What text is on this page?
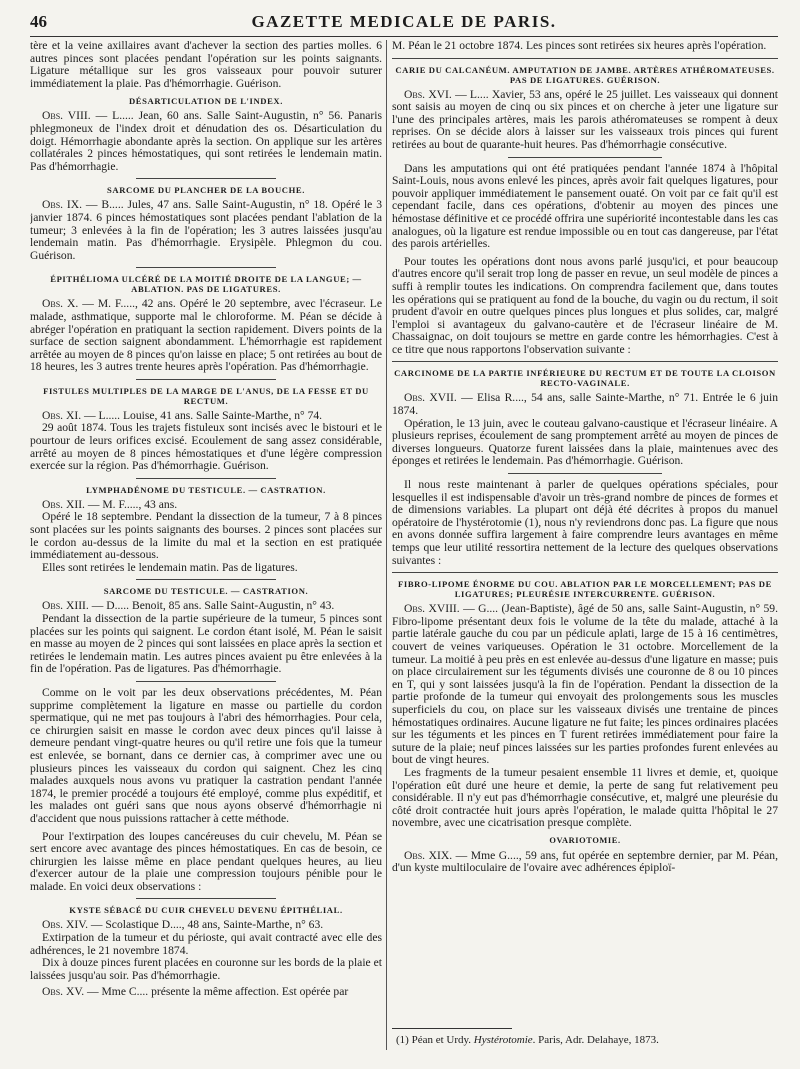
46	GAZETTE MEDICALE DE PARIS.

tère et la veine axillaires avant d'achever la section des parties molles. 6 autres pinces sont placées pendant l'opération sur les points saignants. Ligature métallique sur les gros vaisseaux pour pouvoir suturer immédiatement la plaie. Pas d'hémorrhagie. Guérison.

DÉSARTICULATION DE L'INDEX.

Obs. VIII. — L..... Jean, 60 ans. Salle Saint-Augustin, n° 56. Panaris phlegmoneux de l'index droit et dénudation des os. Désarticulation du doigt. Hémorrhagie abondante après la section. On applique sur les artères collatérales 2 pinces hémostatiques, qui sont retirées le lendemain matin. Pas d'hémorrhagie.

SARCOME DU PLANCHER DE LA BOUCHE.

Obs. IX. — B..... Jules, 47 ans. Salle Saint-Augustin, n° 18. Opéré le 3 janvier 1874. 6 pinces hémostatiques sont placées pendant l'ablation de la tumeur; 3 enlevées à la fin de l'opération; les 3 autres laissées jusqu'au lendemain matin. Pas d'hémorrhagie. Erysipèle. Phlegmon du cou. Guérison.

ÉPITHÉLIOMA ULCÉRÉ DE LA MOITIÉ DROITE DE LA LANGUE; — ABLATION. PAS DE LIGATURES.

Obs. X. — M. F....., 42 ans. Opéré le 20 septembre, avec l'écraseur. Le malade, asthmatique, supporte mal le chloroforme. M. Péan se décide à abréger l'opération en pratiquant la section rapidement. Divers points de la surface de section saignent abondamment. L'hémorrhagie est rapidement arrêtée au moyen de 8 pinces qu'on laisse en place; 5 ont retirées au bout de 18 heures, les 3 autres trente heures après l'opération. Pas d'hémorrhagie.

FISTULES MULTIPLES DE LA MARGE DE L'ANUS, DE LA FESSE ET DU RECTUM.

Obs. XI. — L..... Louise, 41 ans. Salle Sainte-Marthe, n° 74.

29 août 1874. Tous les trajets fistuleux sont incisés avec le bistouri et le pourtour de leurs orifices excisé. Ecoulement de sang assez considérable, arrêté au moyen de 8 pinces hémostatiques et d'une légère compression exercée sur la région. Pas d'hémorrhagie. Guérison.

LYMPHADÉNOME DU TESTICULE. — CASTRATION.

Obs. XII. — M. F....., 43 ans.

Opéré le 18 septembre. Pendant la dissection de la tumeur, 7 à 8 pinces sont placées sur les points saignants des bourses. 2 pinces sont placées sur le cordon au-dessus de la limite du mal et la section en est pratiquée immédiatement au-dessous.

Elles sont retirées le lendemain matin. Pas de ligatures.

SARCOME DU TESTICULE. — CASTRATION.

Obs. XIII. — D..... Benoit, 85 ans. Salle Saint-Augustin, n° 43.

Pendant la dissection de la partie supérieure de la tumeur, 5 pinces sont placées sur les points qui saignent. Le cordon étant isolé, M. Péan le saisit en masse au moyen de 2 pinces qui sont laissées en place après la section et retirées le lendemain matin. Les autres pinces avaient pu être enlevées à la fin de l'opération. Pas de ligatures. Pas d'hémorrhagie.

Comme on le voit par les deux observations précédentes, M. Péan supprime complètement la ligature en masse ou partielle du cordon spermatique, qui ne met pas toujours à l'abri des hémorrhagies. Pour cela, ce chirurgien saisit en masse le cordon avec deux pinces qu'il laisse à demeure pendant vingt-quatre heures ou qu'il retire une fois que la tumeur est enlevée, se bornant, dans ce dernier cas, à comprimer avec une ou plusieurs pinces les vaisseaux du cordon qui saignent. Chez les cinq malades auxquels nous avons vu pratiquer la castration pendant l'année 1874, le premier procédé a toujours été employé, comme plus expéditif, et les malades ont guéri sans que nous ayons observé d'hémorrhagie ni d'accident que nous puissions rattacher à cette méthode.

Pour l'extirpation des loupes cancéreuses du cuir chevelu, M. Péan se sert encore avec avantage des pinces hémostatiques. En cas de besoin, ce chirurgien les laisse même en place pendant quelques heures, au lieu d'exercer autour de la plaie une compression toujours pénible pour le malade. En voici deux observations :

KYSTE SÉBACÉ DU CUIR CHEVELU DEVENU ÉPITHÉLIAL.

Obs. XIV. — Scolastique D...., 48 ans, Sainte-Marthe, n° 63.

Extirpation de la tumeur et du périoste, qui avait contracté avec elle des adhérences, le 21 novembre 1874.

Dix à douze pinces furent placées en couronne sur les bords de la plaie et laissées jusqu'au soir. Pas d'hémorrhagie.

Obs. XV. — Mme C.... présente la même affection. Est opérée par

M. Péan le 21 octobre 1874. Les pinces sont retirées six heures après l'opération.

CARIE DU CALCANÉUM. AMPUTATION DE JAMBE. ARTÈRES ATHÉROMATEUSES. PAS DE LIGATURES. GUÉRISON.

Obs. XVI. — L.... Xavier, 53 ans, opéré le 25 juillet. Les vaisseaux qui donnent sont saisis au moyen de cinq ou six pinces et on cherche à jeter une ligature sur l'une des principales artères, mais les parois athéromateuses se rompent à deux reprises. On se décide alors à laisser sur les vaisseaux trois pinces qui furent retirées au bout de quarante-huit heures. Pas d'hémorrhagie consécutive.

Dans les amputations qui ont été pratiquées pendant l'année 1874 à l'hôpital Saint-Louis, nous avons enlevé les pinces, après avoir fait quelques ligatures, pour pouvoir appliquer immédiatement le pansement ouaté. On voit par ce fait qu'il est cependant facile, dans ces opérations, d'obtenir au moyen des pinces une hémostase définitive et ce procédé offrira une supériorité incontestable dans les cas analogues, où la ligature est rendue impossible ou en tout cas dangereuse, par l'état des parois artérielles.

Pour toutes les opérations dont nous avons parlé jusqu'ici, et pour beaucoup d'autres encore qu'il serait trop long de passer en revue, un seul modèle de pinces a suffi à remplir toutes les indications. On comprendra facilement que, dans toutes les opérations qui se pratiquent au fond de la bouche, du vagin ou du rectum, il soit prudent d'avoir en outre quelques pinces plus longues et plus solides, car, malgré l'emploi si avantageux du galvano-cautère et de l'écraseur linéaire de M. Chassaignac, on doit toujours se mettre en garde contre les hémorrhagies. C'est à ce titre que nous rapportons l'observation suivante :

CARCINOME DE LA PARTIE INFÉRIEURE DU RECTUM ET DE TOUTE LA CLOISON RECTO-VAGINALE.

Obs. XVII. — Elisa R...., 54 ans, salle Sainte-Marthe, n° 71. Entrée le 6 juin 1874.

Opération, le 13 juin, avec le couteau galvano-caustique et l'écraseur linéaire. A plusieurs reprises, écoulement de sang promptement arrêté au moyen de pinces de diverses longueurs. Quatorze furent laissées dans la plaie, maintenues avec des éponges et retirées le lendemain. Pas d'hémorrhagie. Guérison.

Il nous reste maintenant à parler de quelques opérations spéciales, pour lesquelles il est indispensable d'avoir un très-grand nombre de pinces de formes et de dimensions variables. La plupart ont déjà été décrites à propos du manuel opératoire de l'hystérotomie (1), nous n'y reviendrons donc pas. La figure que nous en avons donnée suffira largement à faire comprendre leurs avantages en même temps que leur utilité ressortira nettement de la lecture des quelques observations suivantes :

FIBRO-LIPOME ÉNORME DU COU. ABLATION PAR LE MORCELLEMENT; PAS DE LIGATURES; PLEURÉSIE INTERCURRENTE. GUÉRISON.

Obs. XVIII. — G.... (Jean-Baptiste), âgé de 50 ans, salle Saint-Augustin, n° 59. Fibro-lipome présentant deux fois le volume de la tête du malade, attaché à la partie latérale gauche du cou par un pédicule aplati, large de 15 à 16 centimètres, couvert de veines variqueuses. Opération le 31 octobre. Morcellement de la tumeur. La moitié à peu près en est enlevée au-dessus d'une ligature en masse; puis on place circulairement sur les téguments divisés une couronne de 8 ou 10 pinces en T, qui y sont laissées jusqu'à la fin de l'opération. Pendant la dissection de la partie profonde de la tumeur qui envoyait des prolongements sous les muscles superficiels du cou, on place sur les vaisseaux divisés une trentaine de pinces hémostatiques ordinaires. Aucune ligature ne fut faite; les pinces ordinaires placées sur les téguments et les pinces en T furent retirées immédiatement pour faire la suture de la plaie; neuf pinces laissées sur les parties profondes furent enlevées au bout de vingt heures.

Les fragments de la tumeur pesaient ensemble 11 livres et demie, et, quoique l'opération eût duré une heure et demie, la perte de sang fut relativement peu considérable. Il n'y eut pas d'hémorrhagie consécutive, et, malgré une pleurésie du côté droit contractée huit jours après l'opération, le malade quitta l'hôpital le 27 novembre, avec une cicatrisation presque complète.

OVARIOTOMIE.

Obs. XIX. — Mme G...., 59 ans, fut opérée en septembre dernier, par M. Péan, d'un kyste multiloculaire de l'ovaire avec adhérences épiploï-

(1) Péan et Urdy. Hystérotomie. Paris, Adr. Delahaye, 1873.
